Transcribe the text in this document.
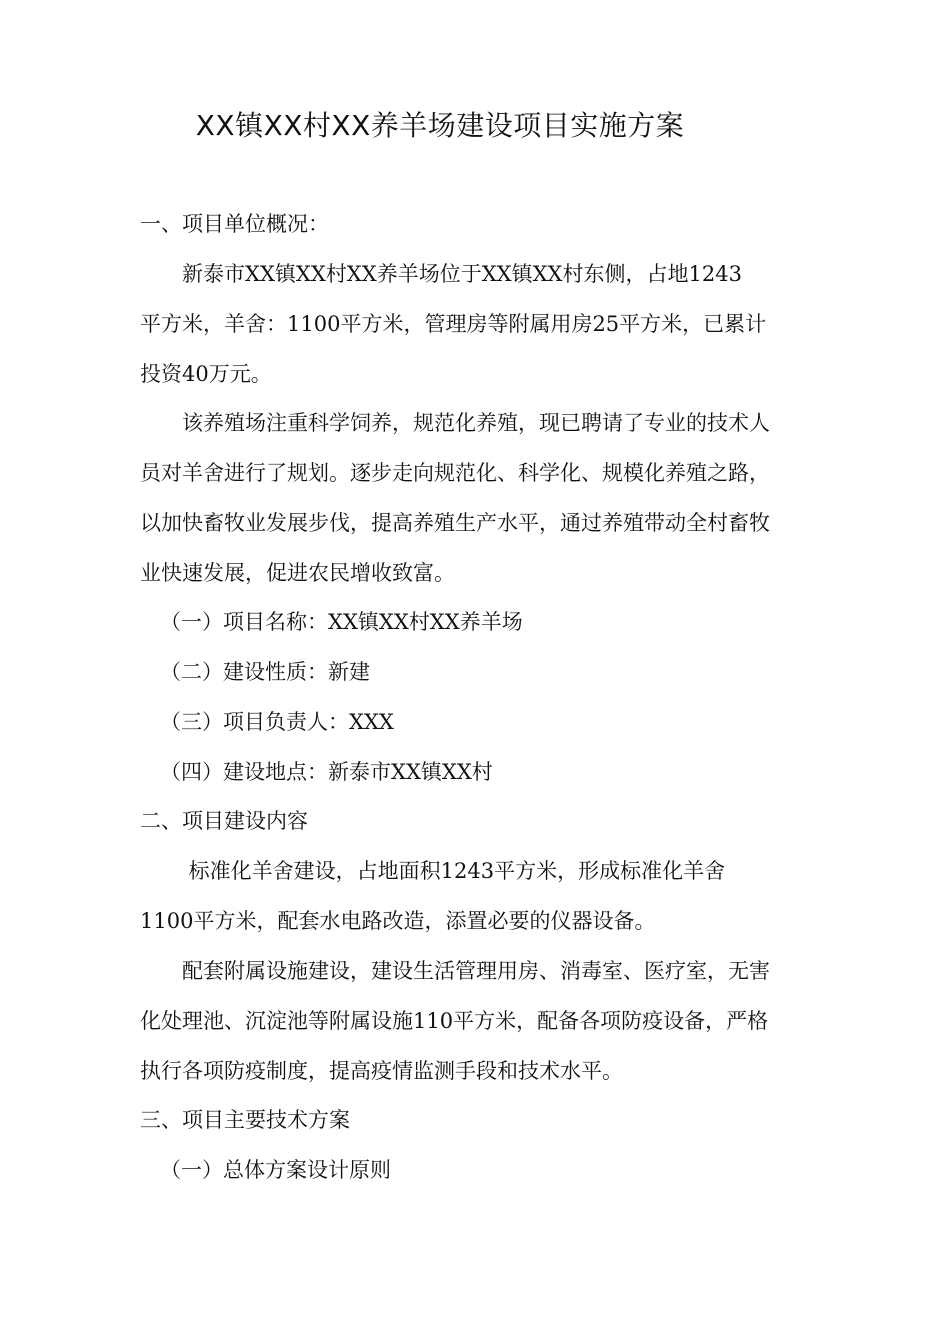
XX镇XX村XX养羊场建设项目实施方案
一、项目单位概况：
　　新泰市XX镇XX村XX养羊场位于XX镇XX村东侧，占地1243
平方米，羊舍：1100平方米，管理房等附属用房25平方米，已累计
投资40万元。
　　该养殖场注重科学饲养，规范化养殖，现已聘请了专业的技术人
员对羊舍进行了规划。逐步走向规范化、科学化、规模化养殖之路，
以加快畜牧业发展步伐，提高养殖生产水平，通过养殖带动全村畜牧
业快速发展，促进农民增收致富。
（一）项目名称：XX镇XX村XX养羊场
（二）建设性质：新建
（三）项目负责人：XXX
（四）建设地点：新泰市XX镇XX村
二、项目建设内容
　　 标准化羊舍建设，占地面积1243平方米，形成标准化羊舍
1100平方米，配套水电路改造，添置必要的仪器设备。
　　配套附属设施建设，建设生活管理用房、消毒室、医疗室，无害
化处理池、沉淀池等附属设施110平方米，配备各项防疫设备，严格
执行各项防疫制度，提高疫情监测手段和技术水平。
三、项目主要技术方案
（一）总体方案设计原则
